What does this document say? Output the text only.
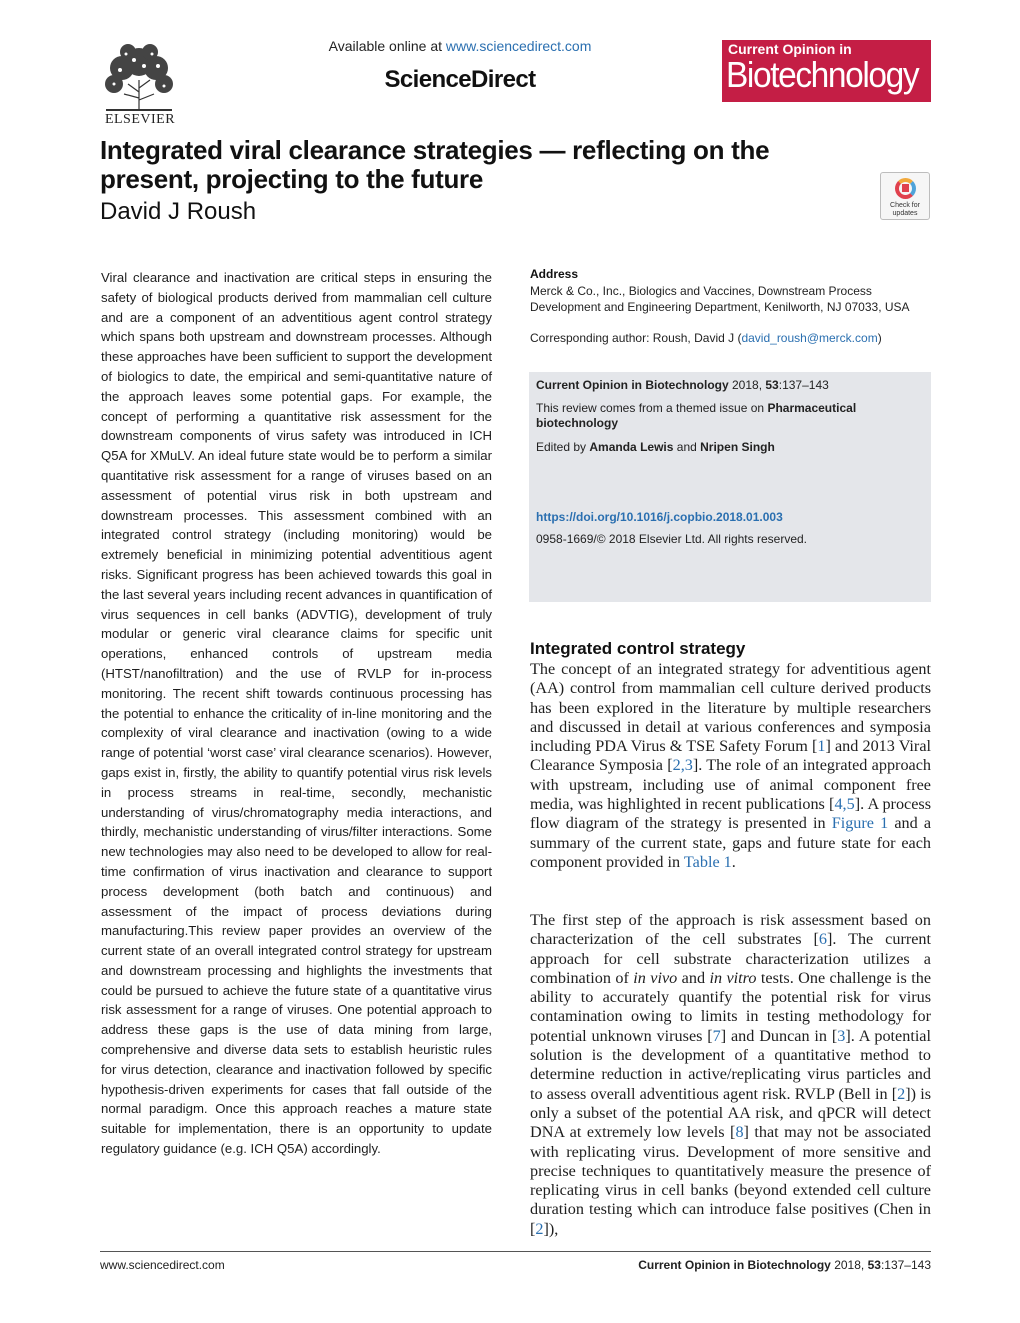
ELSEVIER
Available online at www.sciencedirect.com
ScienceDirect
Current Opinion in
Biotechnology
Integrated viral clearance strategies — reflecting on the present, projecting to the future
David J Roush	Check for updates
Viral clearance and inactivation are critical steps in ensuring the safety of biological products derived from mammalian cell culture and are a component of an adventitious agent control strategy which spans both upstream and downstream processes. Although these approaches have been sufficient to support the development of biologics to date, the empirical and semi-quantitative nature of the approach leaves some potential gaps. For example, the concept of performing a quantitative risk assessment for the downstream components of virus safety was introduced in ICH Q5A for XMuLV. An ideal future state would be to perform a similar quantitative risk assessment for a range of viruses based on an assessment of potential virus risk in both upstream and downstream processes. This assessment combined with an integrated control strategy (including monitoring) would be extremely beneficial in minimizing potential adventitious agent risks. Significant progress has been achieved towards this goal in the last several years including recent advances in quantification of virus sequences in cell banks (ADVTIG), development of truly modular or generic viral clearance claims for specific unit operations, enhanced controls of upstream media (HTST/nanofiltration) and the use of RVLP for in-process monitoring. The recent shift towards continuous processing has the potential to enhance the criticality of in-line monitoring and the complexity of viral clearance and inactivation (owing to a wide range of potential ‘worst case’ viral clearance scenarios). However, gaps exist in, firstly, the ability to quantify potential virus risk levels in process streams in real-time, secondly, mechanistic understanding of virus/chromatography media interactions, and thirdly, mechanistic understanding of virus/filter interactions. Some new technologies may also need to be developed to allow for real-time confirmation of virus inactivation and clearance to support process development (both batch and continuous) and assessment of the impact of process deviations during manufacturing.This review paper provides an overview of the current state of an overall integrated control strategy for upstream and downstream processing and highlights the investments that could be pursued to achieve the future state of a quantitative virus risk assessment for a range of viruses. One potential approach to address these gaps is the use of data mining from large, comprehensive and diverse data sets to establish heuristic rules for virus detection, clearance and inactivation followed by specific hypothesis-driven experiments for cases that fall outside of the normal paradigm. Once this approach reaches a mature state suitable for implementation, there is an opportunity to update regulatory guidance (e.g. ICH Q5A) accordingly.
Address
Merck & Co., Inc., Biologics and Vaccines, Downstream Process Development and Engineering Department, Kenilworth, NJ 07033, USA
Corresponding author: Roush, David J (david_roush@merck.com)
Current Opinion in Biotechnology 2018, 53:137–143
This review comes from a themed issue on Pharmaceutical biotechnology
Edited by Amanda Lewis and Nripen Singh
https://doi.org/10.1016/j.copbio.2018.01.003
0958-1669/© 2018 Elsevier Ltd. All rights reserved.
Integrated control strategy
The concept of an integrated strategy for adventitious agent (AA) control from mammalian cell culture derived products has been explored in the literature by multiple researchers and discussed in detail at various conferences and symposia including PDA Virus & TSE Safety Forum [1] and 2013 Viral Clearance Symposia [2,3]. The role of an integrated approach with upstream, including use of animal component free media, was highlighted in recent publications [4,5]. A process flow diagram of the strategy is presented in Figure 1 and a summary of the current state, gaps and future state for each component provided in Table 1.
The first step of the approach is risk assessment based on characterization of the cell substrates [6]. The current approach for cell substrate characterization utilizes a combination of in vivo and in vitro tests. One challenge is the ability to accurately quantify the potential risk for virus contamination owing to limits in testing methodology for potential unknown viruses [7] and Duncan in [3]. A potential solution is the development of a quantitative method to determine reduction in active/replicating virus particles and to assess overall adventitious agent risk. RVLP (Bell in [2]) is only a subset of the potential AA risk, and qPCR will detect DNA at extremely low levels [8] that may not be associated with replicating virus. Development of more sensitive and precise techniques to quantitatively measure the presence of replicating virus in cell banks (beyond extended cell culture duration testing which can introduce false positives (Chen in [2]),
www.sciencedirect.com	Current Opinion in Biotechnology 2018, 53:137–143
